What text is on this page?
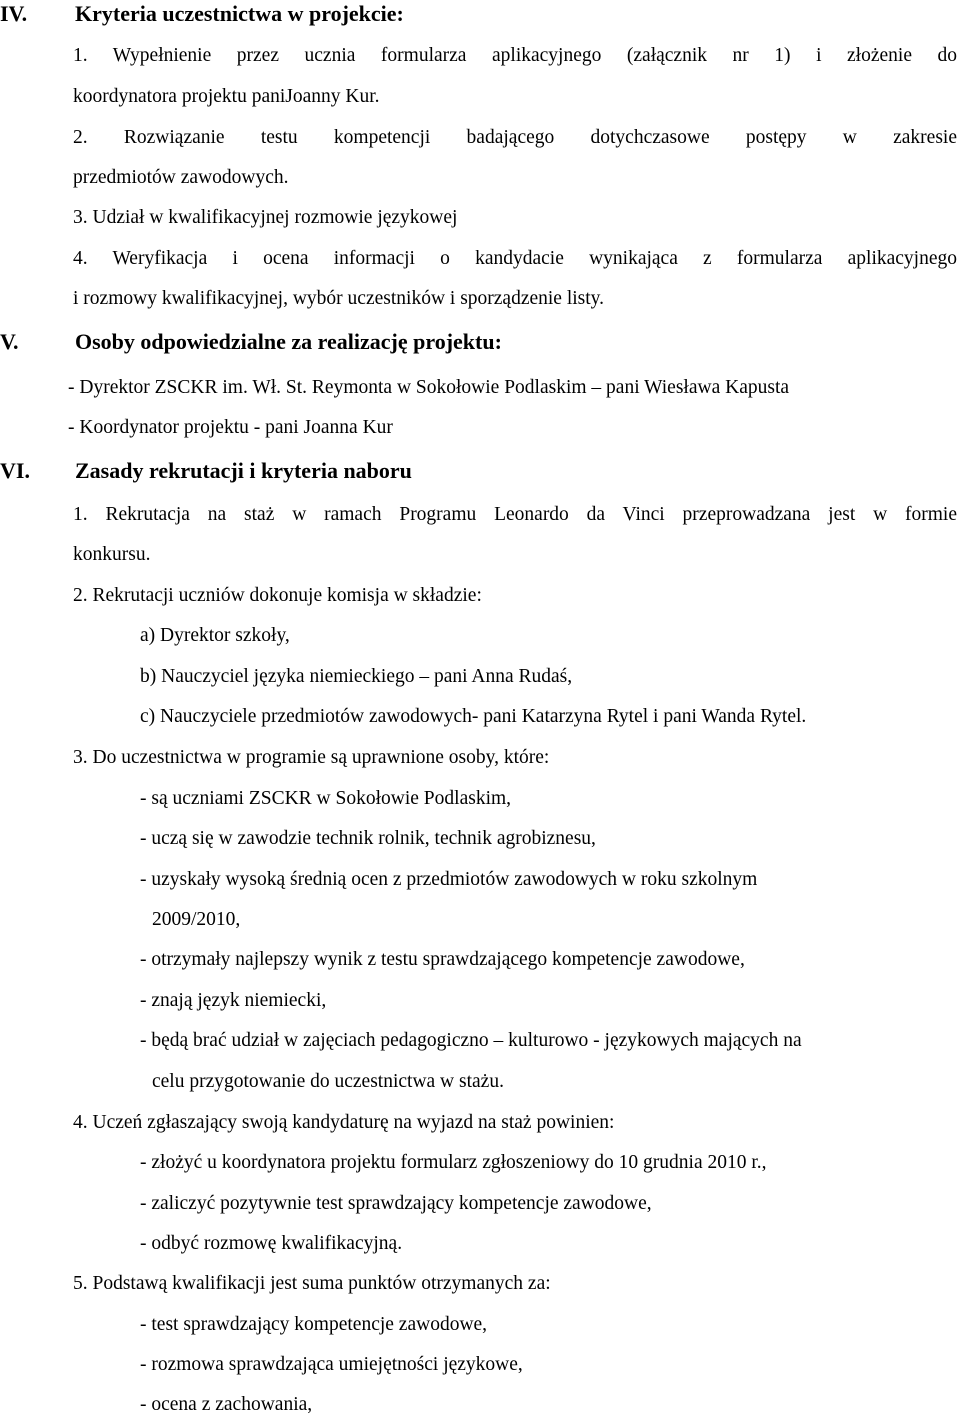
IV. Kryteria uczestnictwa w projekcie:
1. Wypełnienie przez ucznia formularza aplikacyjnego (załącznik nr 1) i złożenie do
koordynatora projektu paniJoanny Kur.
2. Rozwiązanie testu kompetencji badającego dotychczasowe postępy w zakresie
przedmiotów zawodowych.
3. Udział w kwalifikacyjnej rozmowie językowej
4. Weryfikacja i ocena informacji o kandydacie wynikająca z formularza aplikacyjnego
i rozmowy kwalifikacyjnej, wybór uczestników i sporządzenie listy.
V.	Osoby odpowiedzialne za realizację projektu:
- Dyrektor ZSCKR im. Wł. St. Reymonta w Sokołowie Podlaskim – pani Wiesława Kapusta
- Koordynator projektu - pani Joanna Kur
VI. Zasady rekrutacji i kryteria naboru
1. Rekrutacja na staż w ramach Programu Leonardo da Vinci przeprowadzana jest w formie
konkursu.
2. Rekrutacji uczniów dokonuje komisja w składzie:
a) Dyrektor szkoły,
b) Nauczyciel języka niemieckiego – pani Anna Rudaś,
c) Nauczyciele przedmiotów zawodowych- pani Katarzyna Rytel i pani Wanda Rytel.
3. Do uczestnictwa w programie są uprawnione osoby, które:
- są uczniami ZSCKR w Sokołowie Podlaskim,
- uczą się w zawodzie technik rolnik, technik agrobiznesu,
- uzyskały wysoką średnią ocen z przedmiotów zawodowych w roku szkolnym
2009/2010,
- otrzymały najlepszy wynik z testu sprawdzającego kompetencje zawodowe,
- znają język niemiecki,
- będą brać udział w zajęciach pedagogiczno – kulturowo - językowych mających na
celu przygotowanie do uczestnictwa w stażu.
4. Uczeń zgłaszający swoją kandydaturę na wyjazd na staż powinien:
- złożyć u koordynatora projektu formularz zgłoszeniowy do 10 grudnia 2010 r.,
- zaliczyć pozytywnie test sprawdzający kompetencje zawodowe,
- odbyć rozmowę kwalifikacyjną.
5. Podstawą kwalifikacji jest suma punktów otrzymanych za:
- test sprawdzający kompetencje zawodowe,
- rozmowa sprawdzająca umiejętności językowe,
- ocena z zachowania,
